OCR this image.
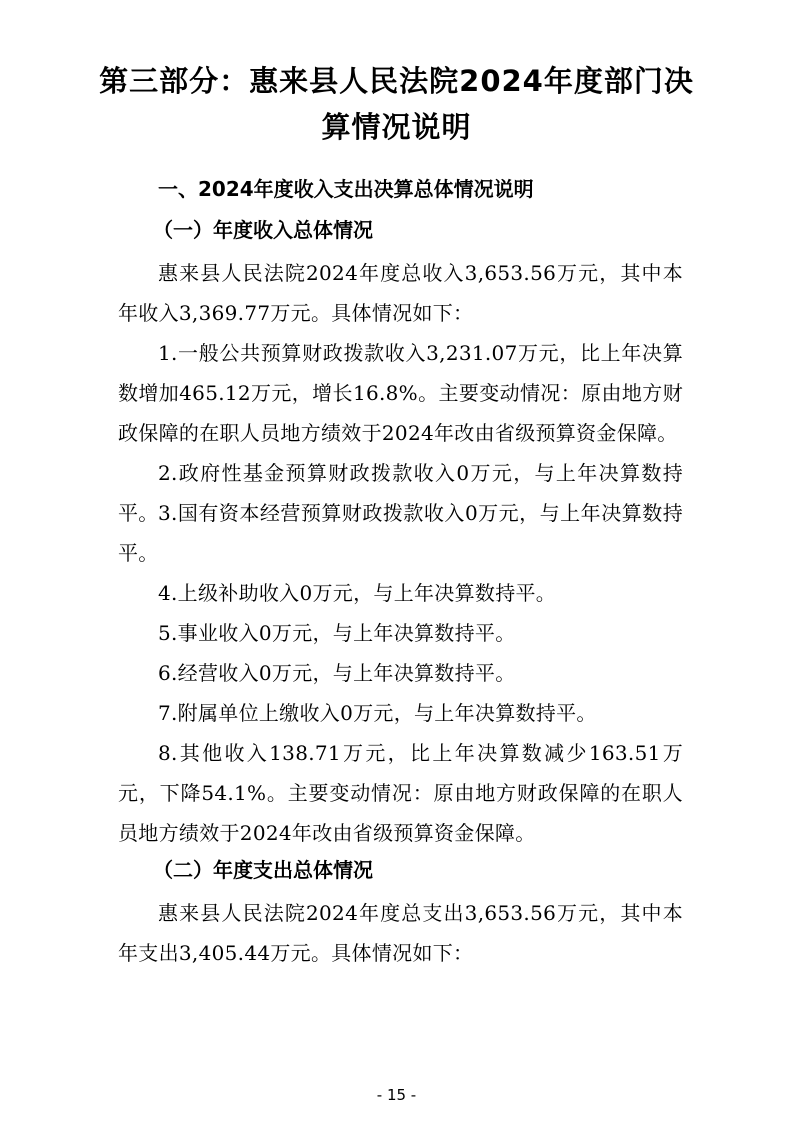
第三部分：惠来县人民法院2024年度部门决
算情况说明
一、2024年度收入支出决算总体情况说明
（一）年度收入总体情况
惠来县人民法院2024年度总收入3,653.56万元，其中本年收入3,369.77万元。具体情况如下：
1.一般公共预算财政拨款收入3,231.07万元，比上年决算数增加465.12万元，增长16.8%。主要变动情况：原由地方财政保障的在职人员地方绩效于2024年改由省级预算资金保障。
2.政府性基金预算财政拨款收入0万元，与上年决算数持平。 3.国有资本经营预算财政拨款收入0万元，与上年决算数持平。
4.上级补助收入0万元，与上年决算数持平。
5.事业收入0万元，与上年决算数持平。
6.经营收入0万元，与上年决算数持平。
7.附属单位上缴收入0万元，与上年决算数持平。
8.其他收入138.71万元，比上年决算数减少163.51万元，下降54.1%。主要变动情况：原由地方财政保障的在职人员地方绩效于2024年改由省级预算资金保障。
（二）年度支出总体情况
惠来县人民法院2024年度总支出3,653.56万元，其中本年支出3,405.44万元。具体情况如下：
- 15 -
